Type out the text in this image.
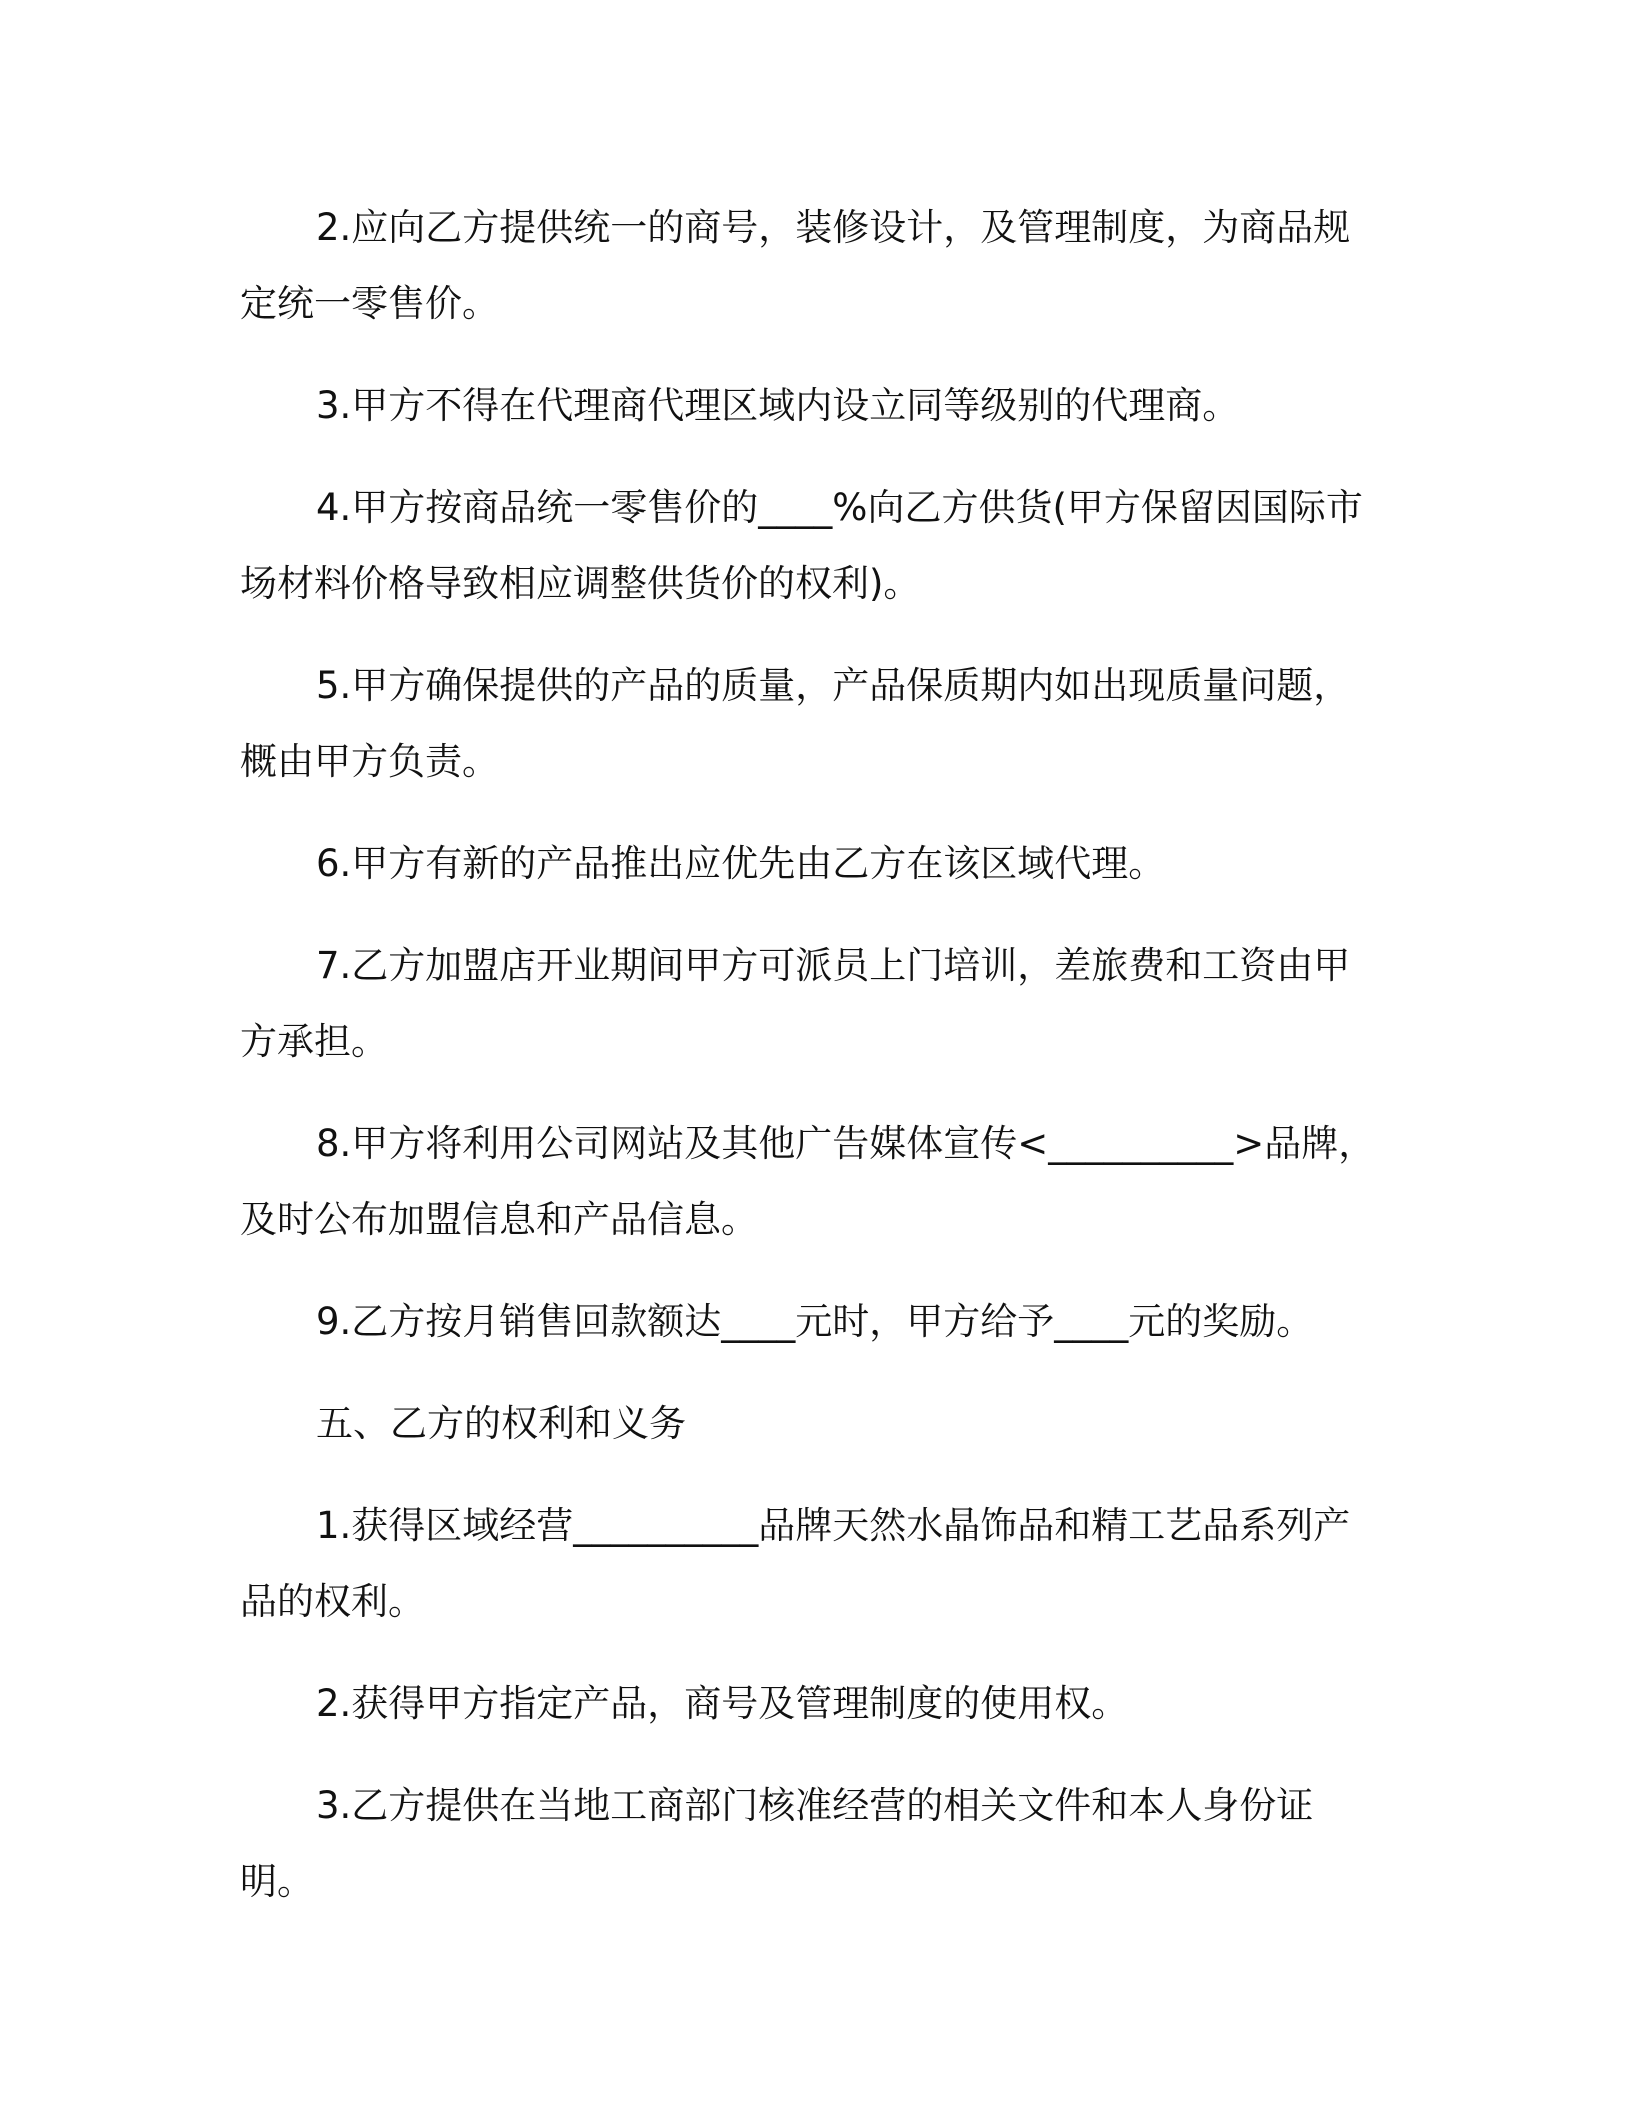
2.应向乙方提供统一的商号，装修设计，及管理制度，为商品规定统一零售价。

3.甲方不得在代理商代理区域内设立同等级别的代理商。

4.甲方按商品统一零售价的____%向乙方供货(甲方保留因国际市场材料价格导致相应调整供货价的权利)。

5.甲方确保提供的产品的质量，产品保质期内如出现质量问题，概由甲方负责。

6.甲方有新的产品推出应优先由乙方在该区域代理。

7.乙方加盟店开业期间甲方可派员上门培训，差旅费和工资由甲方承担。

8.甲方将利用公司网站及其他广告媒体宣传<__________>品牌，及时公布加盟信息和产品信息。

9.乙方按月销售回款额达____元时，甲方给予____元的奖励。

五、乙方的权利和义务

1.获得区域经营__________品牌天然水晶饰品和精工艺品系列产品的权利。

2.获得甲方指定产品，商号及管理制度的使用权。

3.乙方提供在当地工商部门核准经营的相关文件和本人身份证明。
